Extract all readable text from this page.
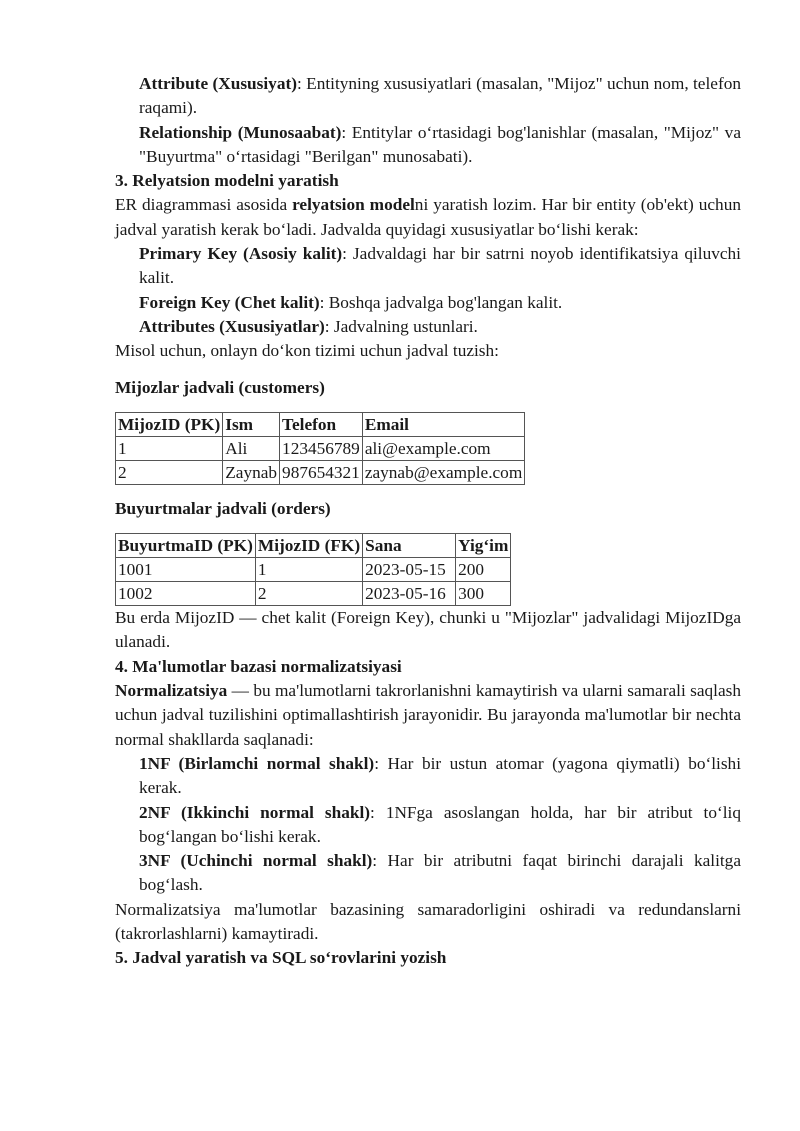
Attribute (Xususiyat): Entityning xususiyatlari (masalan, "Mijoz" uchun nom, telefon raqami).

Relationship (Munosaabat): Entitylar o‘rtasidagi bog'lanishlar (masalan, "Mijoz" va "Buyurtma" o‘rtasidagi "Berilgan" munosabati).

3. Relyatsion modelni yaratish

ER diagrammasi asosida relyatsion modelni yaratish lozim. Har bir entity (ob'ekt) uchun jadval yaratish kerak bo‘ladi. Jadvalda quyidagi xususiyatlar bo‘lishi kerak:

Primary Key (Asosiy kalit): Jadvaldagi har bir satrni noyob identifikatsiya qiluvchi kalit.

Foreign Key (Chet kalit): Boshqa jadvalga bog'langan kalit.

Attributes (Xususiyatlar): Jadvalning ustunlari.

Misol uchun, onlayn do‘kon tizimi uchun jadval tuzish:

Mijozlar jadvali (customers)

MijozID (PK)	Ism	Telefon	Email
1	Ali	123456789	ali@example.com
2	Zaynab	987654321	zaynab@example.com

Buyurtmalar jadvali (orders)

BuyurtmaID (PK)	MijozID (FK)	Sana	Yig‘im
1001	1	2023-05-15	200
1002	2	2023-05-16	300

Bu erda MijozID — chet kalit (Foreign Key), chunki u "Mijozlar" jadvalidagi MijozIDga ulanadi.

4. Ma'lumotlar bazasi normalizatsiyasi

Normalizatsiya — bu ma'lumotlarni takrorlanishni kamaytirish va ularni samarali saqlash uchun jadval tuzilishini optimallashtirish jarayonidir. Bu jarayonda ma'lumotlar bir nechta normal shakllarda saqlanadi:

1NF (Birlamchi normal shakl): Har bir ustun atomar (yagona qiymatli) bo‘lishi kerak.

2NF (Ikkinchi normal shakl): 1NFga asoslangan holda, har bir atribut to‘liq bog‘langan bo‘lishi kerak.

3NF (Uchinchi normal shakl): Har bir atributni faqat birinchi darajali kalitga bog‘lash.

Normalizatsiya ma'lumotlar bazasining samaradorligini oshiradi va redundanslarni (takrorlashlarni) kamaytiradi.

5. Jadval yaratish va SQL so‘rovlarini yozish
